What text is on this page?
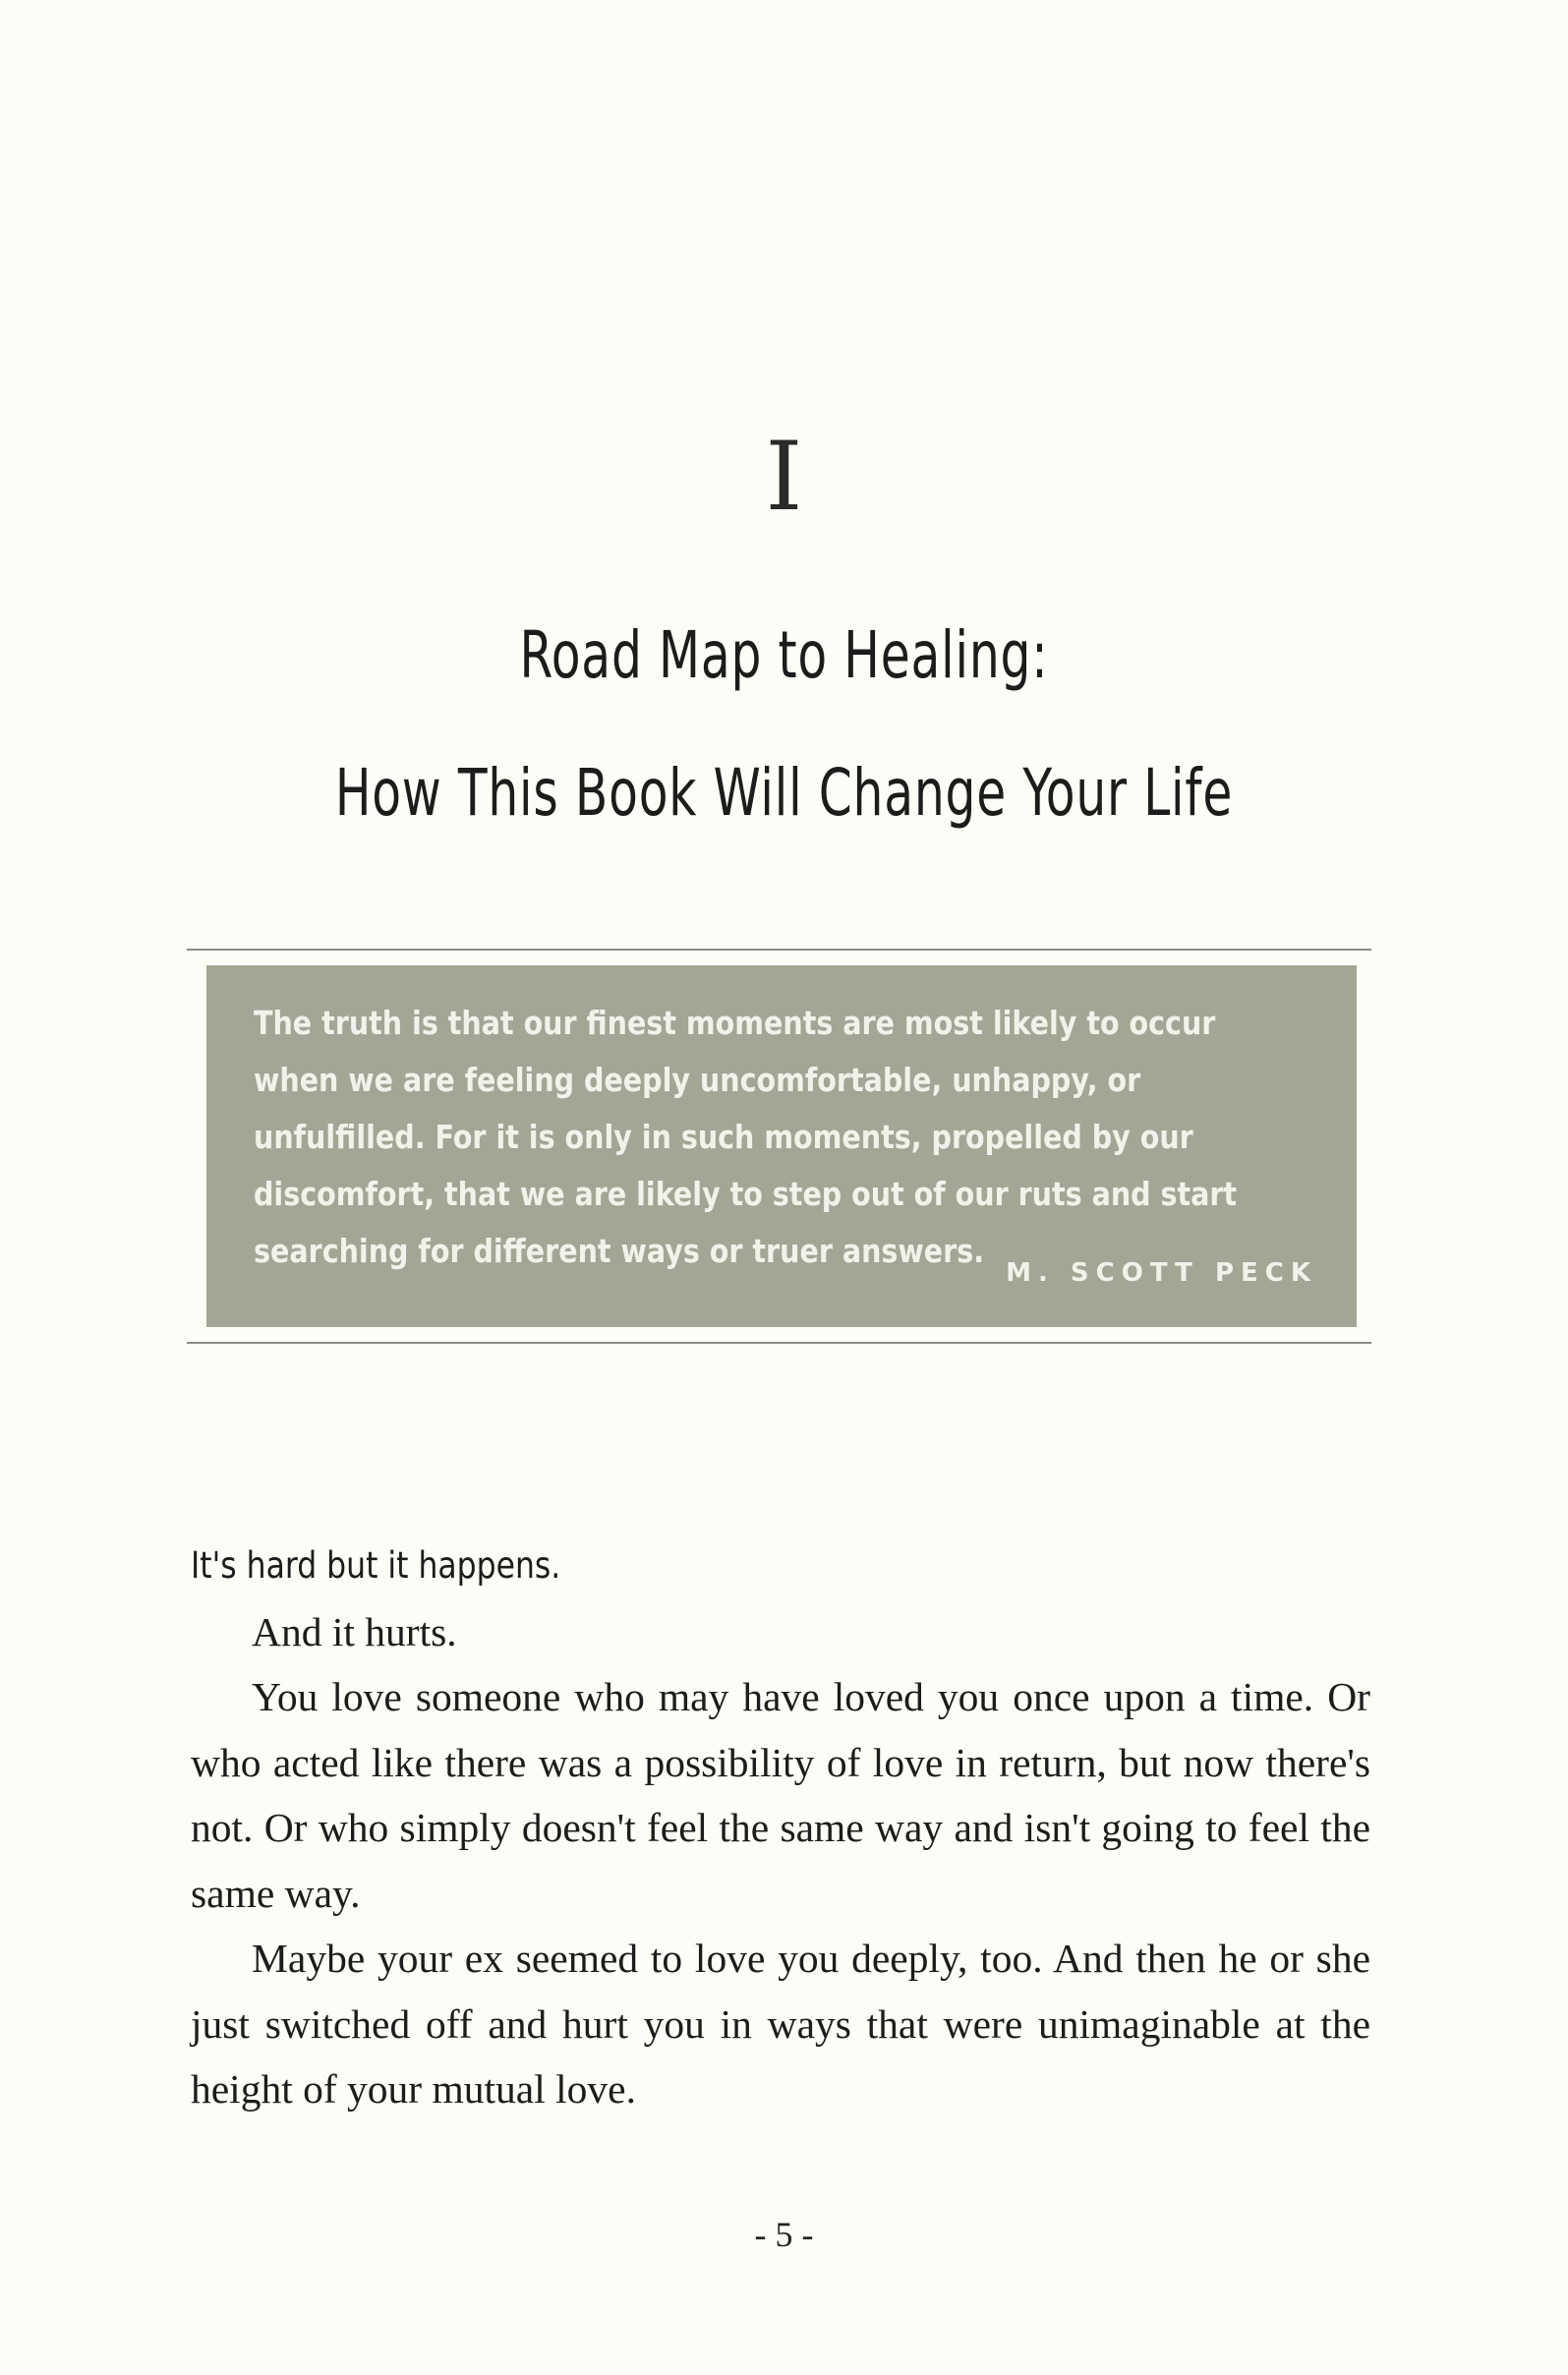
I
Road Map to Healing:
How This Book Will Change Your Life

The truth is that our finest moments are most likely to occur when we are feeling deeply uncomfortable, unhappy, or unfulfilled. For it is only in such moments, propelled by our discomfort, that we are likely to step out of our ruts and start searching for different ways or truer answers.

M. SCOTT PECK

It's hard but it happens.

And it hurts.

You love someone who may have loved you once upon a time. Or who acted like there was a possibility of love in return, but now there's not. Or who simply doesn't feel the same way and isn't going to feel the same way.

Maybe your ex seemed to love you deeply, too. And then he or she just switched off and hurt you in ways that were unimaginable at the height of your mutual love.

- 5 -
